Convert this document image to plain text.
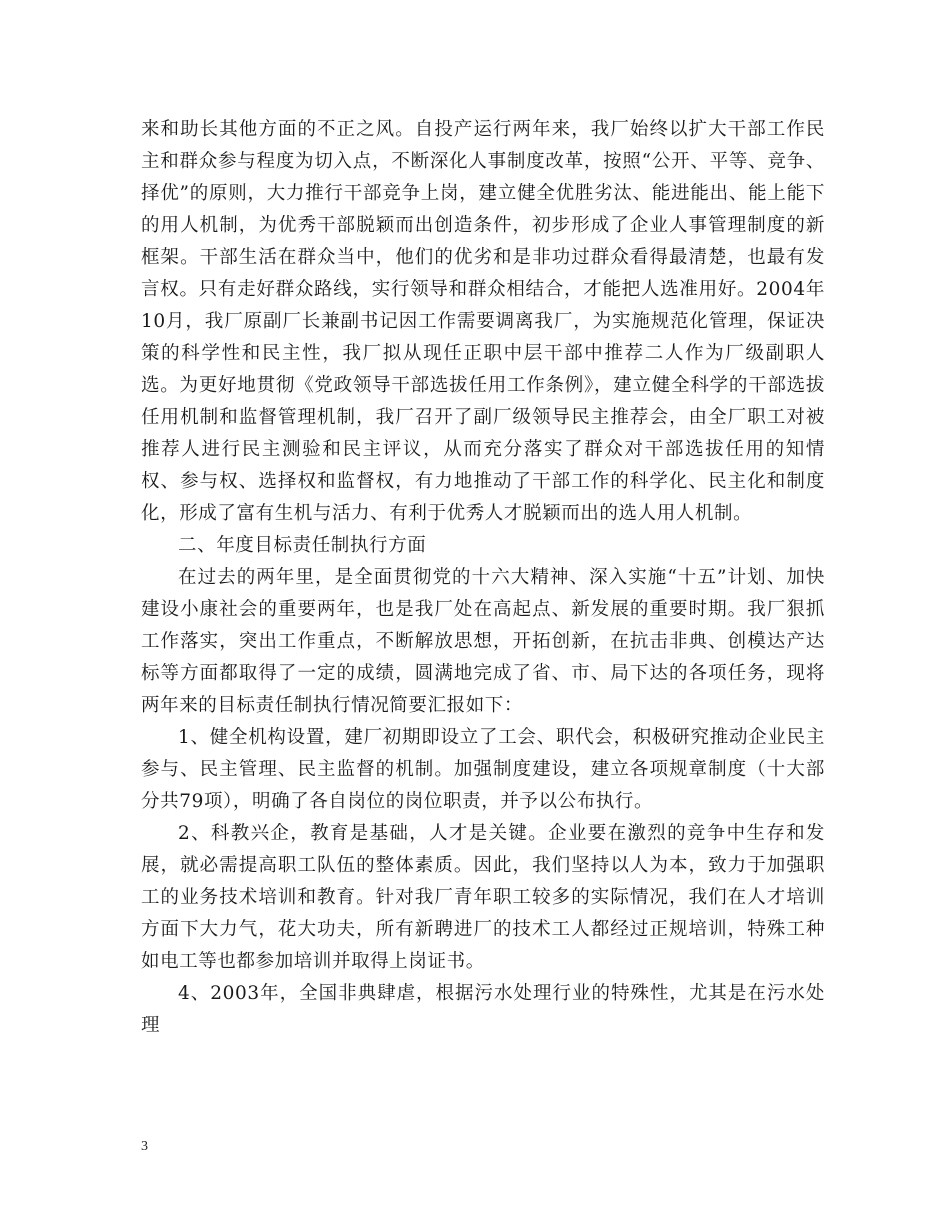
来和助长其他方面的不正之风。自投产运行两年来，我厂始终以扩大干部工作民主和群众参与程度为切入点，不断深化人事制度改革，按照“公开、平等、竞争、择优”的原则，大力推行干部竞争上岗，建立健全优胜劣汰、能进能出、能上能下的用人机制，为优秀干部脱颖而出创造条件，初步形成了企业人事管理制度的新框架。干部生活在群众当中，他们的优劣和是非功过群众看得最清楚，也最有发言权。只有走好群众路线，实行领导和群众相结合，才能把人选准用好。2004年10月，我厂原副厂长兼副书记因工作需要调离我厂，为实施规范化管理，保证决策的科学性和民主性，我厂拟从现任正职中层干部中推荐二人作为厂级副职人选。为更好地贯彻《党政领导干部选拔任用工作条例》，建立健全科学的干部选拔任用机制和监督管理机制，我厂召开了副厂级领导民主推荐会，由全厂职工对被推荐人进行民主测验和民主评议，从而充分落实了群众对干部选拔任用的知情权、参与权、选择权和监督权，有力地推动了干部工作的科学化、民主化和制度化，形成了富有生机与活力、有利于优秀人才脱颖而出的选人用人机制。

二、年度目标责任制执行方面

在过去的两年里，是全面贯彻党的十六大精神、深入实施“十五”计划、加快建设小康社会的重要两年，也是我厂处在高起点、新发展的重要时期。我厂狠抓工作落实，突出工作重点，不断解放思想，开拓创新，在抗击非典、创模达产达标等方面都取得了一定的成绩，圆满地完成了省、市、局下达的各项任务，现将两年来的目标责任制执行情况简要汇报如下：

1、健全机构设置，建厂初期即设立了工会、职代会，积极研究推动企业民主参与、民主管理、民主监督的机制。加强制度建设，建立各项规章制度（十大部分共79项），明确了各自岗位的岗位职责，并予以公布执行。

2、科教兴企，教育是基础，人才是关键。企业要在激烈的竞争中生存和发展，就必需提高职工队伍的整体素质。因此，我们坚持以人为本，致力于加强职工的业务技术培训和教育。针对我厂青年职工较多的实际情况，我们在人才培训方面下大力气，花大功夫，所有新聘进厂的技术工人都经过正规培训，特殊工种如电工等也都参加培训并取得上岗证书。

4、2003年，全国非典肆虐，根据污水处理行业的特殊性，尤其是在污水处理

3
